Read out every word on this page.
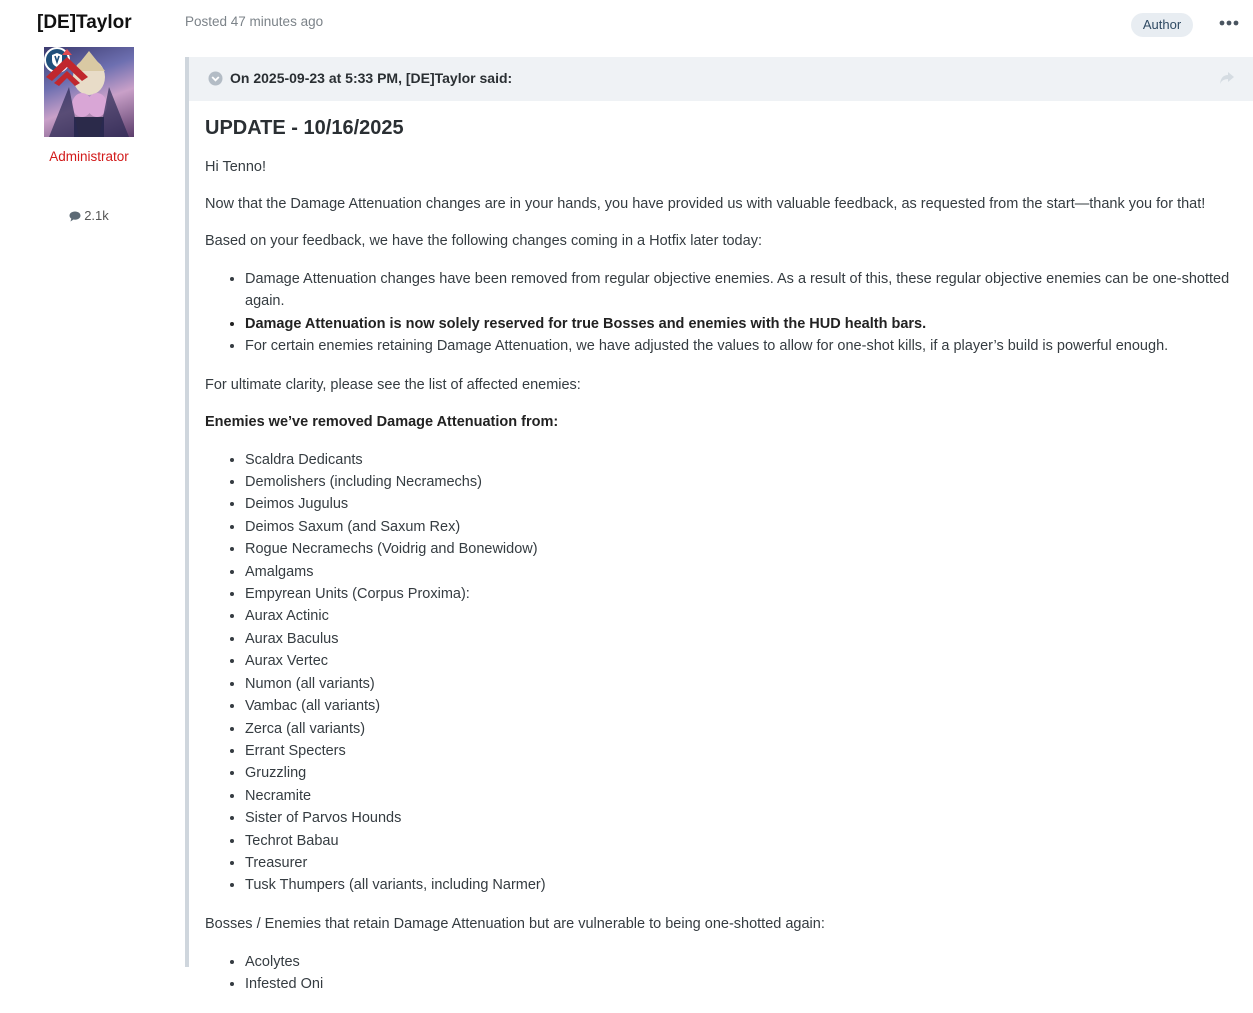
[DE]Taylor
Administrator
2.1k
Posted 47 minutes ago	Author
On 2025-09-23 at 5:33 PM, [DE]Taylor said:
UPDATE - 10/16/2025

Hi Tenno!

Now that the Damage Attenuation changes are in your hands, you have provided us with valuable feedback, as requested from the start—thank you for that!

Based on your feedback, we have the following changes coming in a Hotfix later today:

• Damage Attenuation changes have been removed from regular objective enemies. As a result of this, these regular objective enemies can be one-shotted again.
• Damage Attenuation is now solely reserved for true Bosses and enemies with the HUD health bars.
• For certain enemies retaining Damage Attenuation, we have adjusted the values to allow for one-shot kills, if a player’s build is powerful enough.

For ultimate clarity, please see the list of affected enemies:

Enemies we’ve removed Damage Attenuation from:

• Scaldra Dedicants
• Demolishers (including Necramechs)
• Deimos Jugulus
• Deimos Saxum (and Saxum Rex)
• Rogue Necramechs (Voidrig and Bonewidow)
• Amalgams
• Empyrean Units (Corpus Proxima):
• Aurax Actinic
• Aurax Baculus
• Aurax Vertec
• Numon (all variants)
• Vambac (all variants)
• Zerca (all variants)
• Errant Specters
• Gruzzling
• Necramite
• Sister of Parvos Hounds
• Techrot Babau
• Treasurer
• Tusk Thumpers (all variants, including Narmer)

Bosses / Enemies that retain Damage Attenuation but are vulnerable to being one-shotted again:

• Acolytes
• Infested Oni
